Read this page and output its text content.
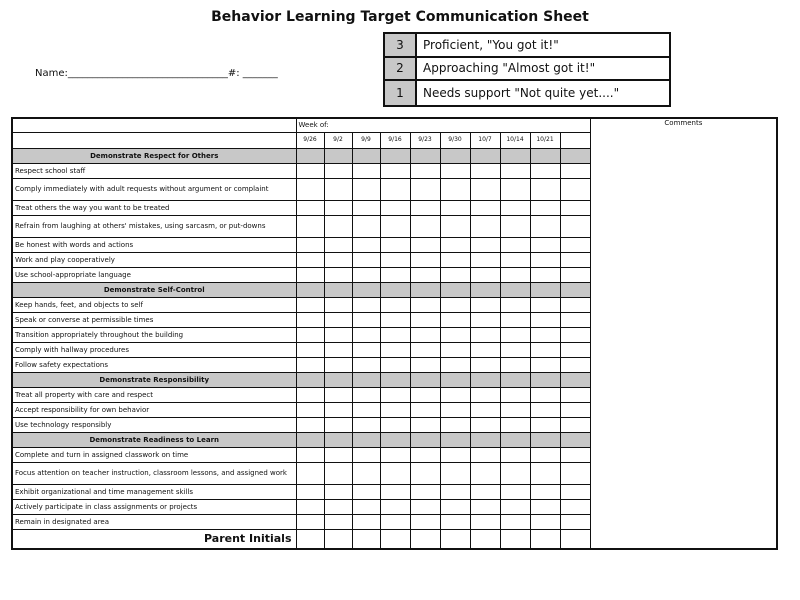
Behavior Learning Target Communication Sheet
Name:________________________________#: _______
3	Proficient, "You got it!"
2	Approaching "Almost got it!"
1	Needs support "Not quite yet...."
	Week of:										Comments
	9/26	9/2	9/9	9/16	9/23	9/30	10/7	10/14	10/21		
Demonstrate Respect for Others											
Respect school staff											
Comply immediately with adult requests without argument or complaint											
Treat others the way you want to be treated											
Refrain from laughing at others' mistakes, using sarcasm, or put-downs											
Be honest with words and actions											
Work and play cooperatively											
Use school-appropriate language											
Demonstrate Self-Control											
Keep hands, feet, and objects to self											
Speak or converse at permissible times											
Transition appropriately throughout the building											
Comply with hallway procedures											
Follow safety expectations											
Demonstrate Responsibility											
Treat all property with care and respect											
Accept responsibility for own behavior											
Use technology responsibly											
Demonstrate Readiness to Learn											
Complete and turn in assigned classwork on time											
Focus attention on teacher instruction, classroom lessons, and assigned work											
Exhibit organizational and time management skills											
Actively participate in class assignments or projects											
Remain in designated area											
Parent Initials											
